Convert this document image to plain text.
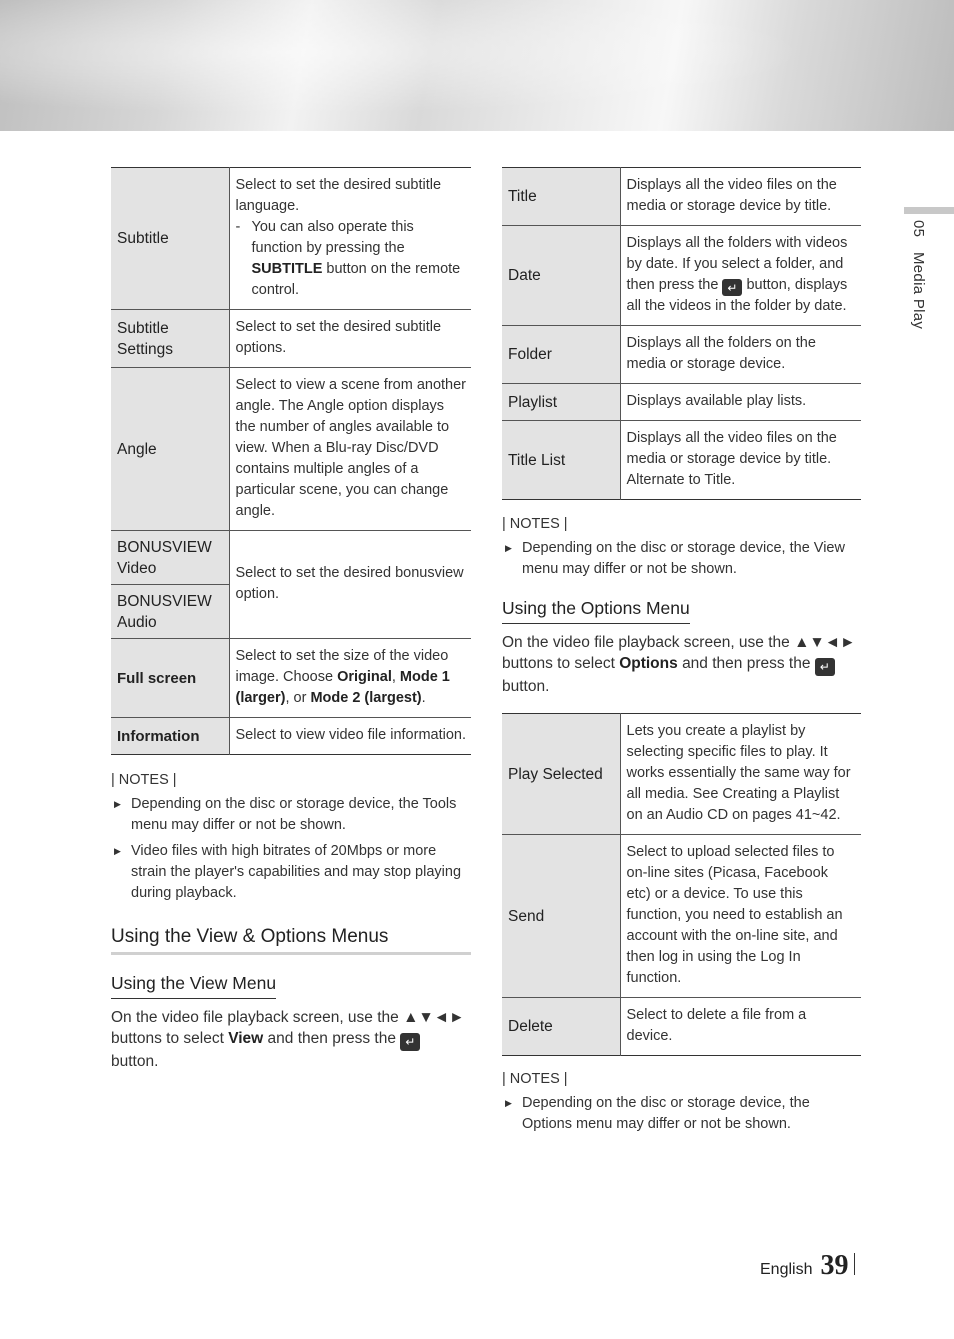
05 Media Play
Subtitle	Select to set the desired subtitle language.
- You can also operate this function by pressing the SUBTITLE button on the remote control.

Subtitle Settings	Select to set the desired subtitle options.
Angle	Select to view a scene from another angle. The Angle option displays the number of angles available to view. When a Blu-ray Disc/DVD contains multiple angles of a particular scene, you can change angle.
BONUSVIEW Video	Select to set the desired bonusview option.
BONUSVIEW Audio	
Full screen	Select to set the size of the video image. Choose Original, Mode 1 (larger), or Mode 2 (largest).
Information	Select to view video file information.
| NOTES |
▶ Depending on the disc or storage device, the Tools menu may differ or not be shown.
▶ Video files with high bitrates of 20Mbps or more strain the player's capabilities and may stop playing during playback.
Using the View & Options Menus
Using the View Menu
On the video file playback screen, use the ▲▼◄► buttons to select View and then press the ↵ button.
Title	Displays all the video files on the media or storage device by title.
Date	Displays all the folders with videos by date. If you select a folder, and then press the ↵ button, displays all the videos in the folder by date.
Folder	Displays all the folders on the media or storage device.
Playlist	Displays available play lists.
Title List	Displays all the video files on the media or storage device by title. Alternate to Title.
| NOTES |
▶ Depending on the disc or storage device, the View menu may differ or not be shown.
Using the Options Menu
On the video file playback screen, use the ▲▼◄► buttons to select Options and then press the ↵ button.
Play Selected	Lets you create a playlist by selecting specific files to play. It works essentially the same way for all media. See Creating a Playlist on an Audio CD on pages 41~42.
Send	Select to upload selected files to on-line sites (Picasa, Facebook etc) or a device. To use this function, you need to establish an account with the on-line site, and then log in using the Log In function.
Delete	Select to delete a file from a device.
| NOTES |
▶ Depending on the disc or storage device, the Options menu may differ or not be shown.
English 39
